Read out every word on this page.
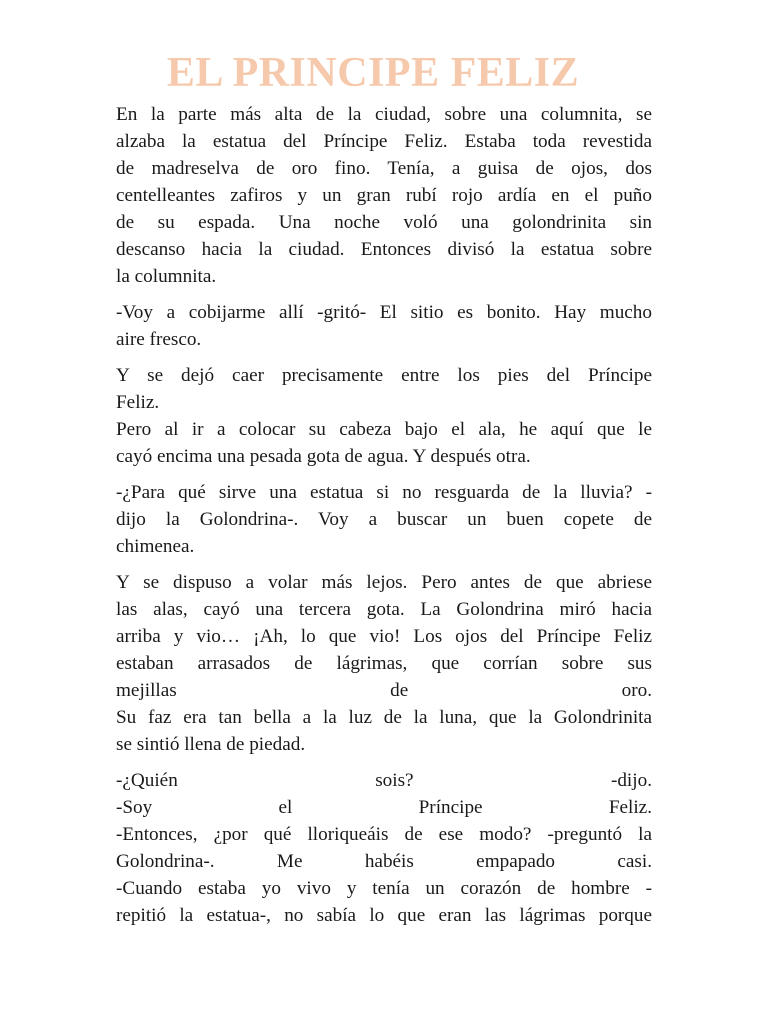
EL PRINCIPE FELIZ
En la parte más alta de la ciudad, sobre una columnita, se
alzaba la estatua del Príncipe Feliz. Estaba toda revestida
de madreselva de oro fino. Tenía, a guisa de ojos, dos
centelleantes zafiros y un gran rubí rojo ardía en el puño
de su espada. Una noche voló una golondrinita sin
descanso hacia la ciudad. Entonces divisó la estatua sobre
la columnita.
-Voy a cobijarme allí -gritó- El sitio es bonito. Hay mucho
aire fresco.
Y se dejó caer precisamente entre los pies del Príncipe
Feliz.
Pero al ir a colocar su cabeza bajo el ala, he aquí que le
cayó encima una pesada gota de agua. Y después otra.
-¿Para qué sirve una estatua si no resguarda de la lluvia? -
dijo la Golondrina-. Voy a buscar un buen copete de
chimenea.
Y se dispuso a volar más lejos. Pero antes de que abriese
las alas, cayó una tercera gota. La Golondrina miró hacia
arriba y vio… ¡Ah, lo que vio! Los ojos del Príncipe Feliz
estaban arrasados de lágrimas, que corrían sobre sus
mejillas de oro.
Su faz era tan bella a la luz de la luna, que la Golondrinita
se sintió llena de piedad.
-¿Quién sois? -dijo.
-Soy el Príncipe Feliz.
-Entonces, ¿por qué lloriqueáis de ese modo? -preguntó la
Golondrina-. Me habéis empapado casi.
-Cuando estaba yo vivo y tenía un corazón de hombre -
repitió la estatua-, no sabía lo que eran las lágrimas porque
